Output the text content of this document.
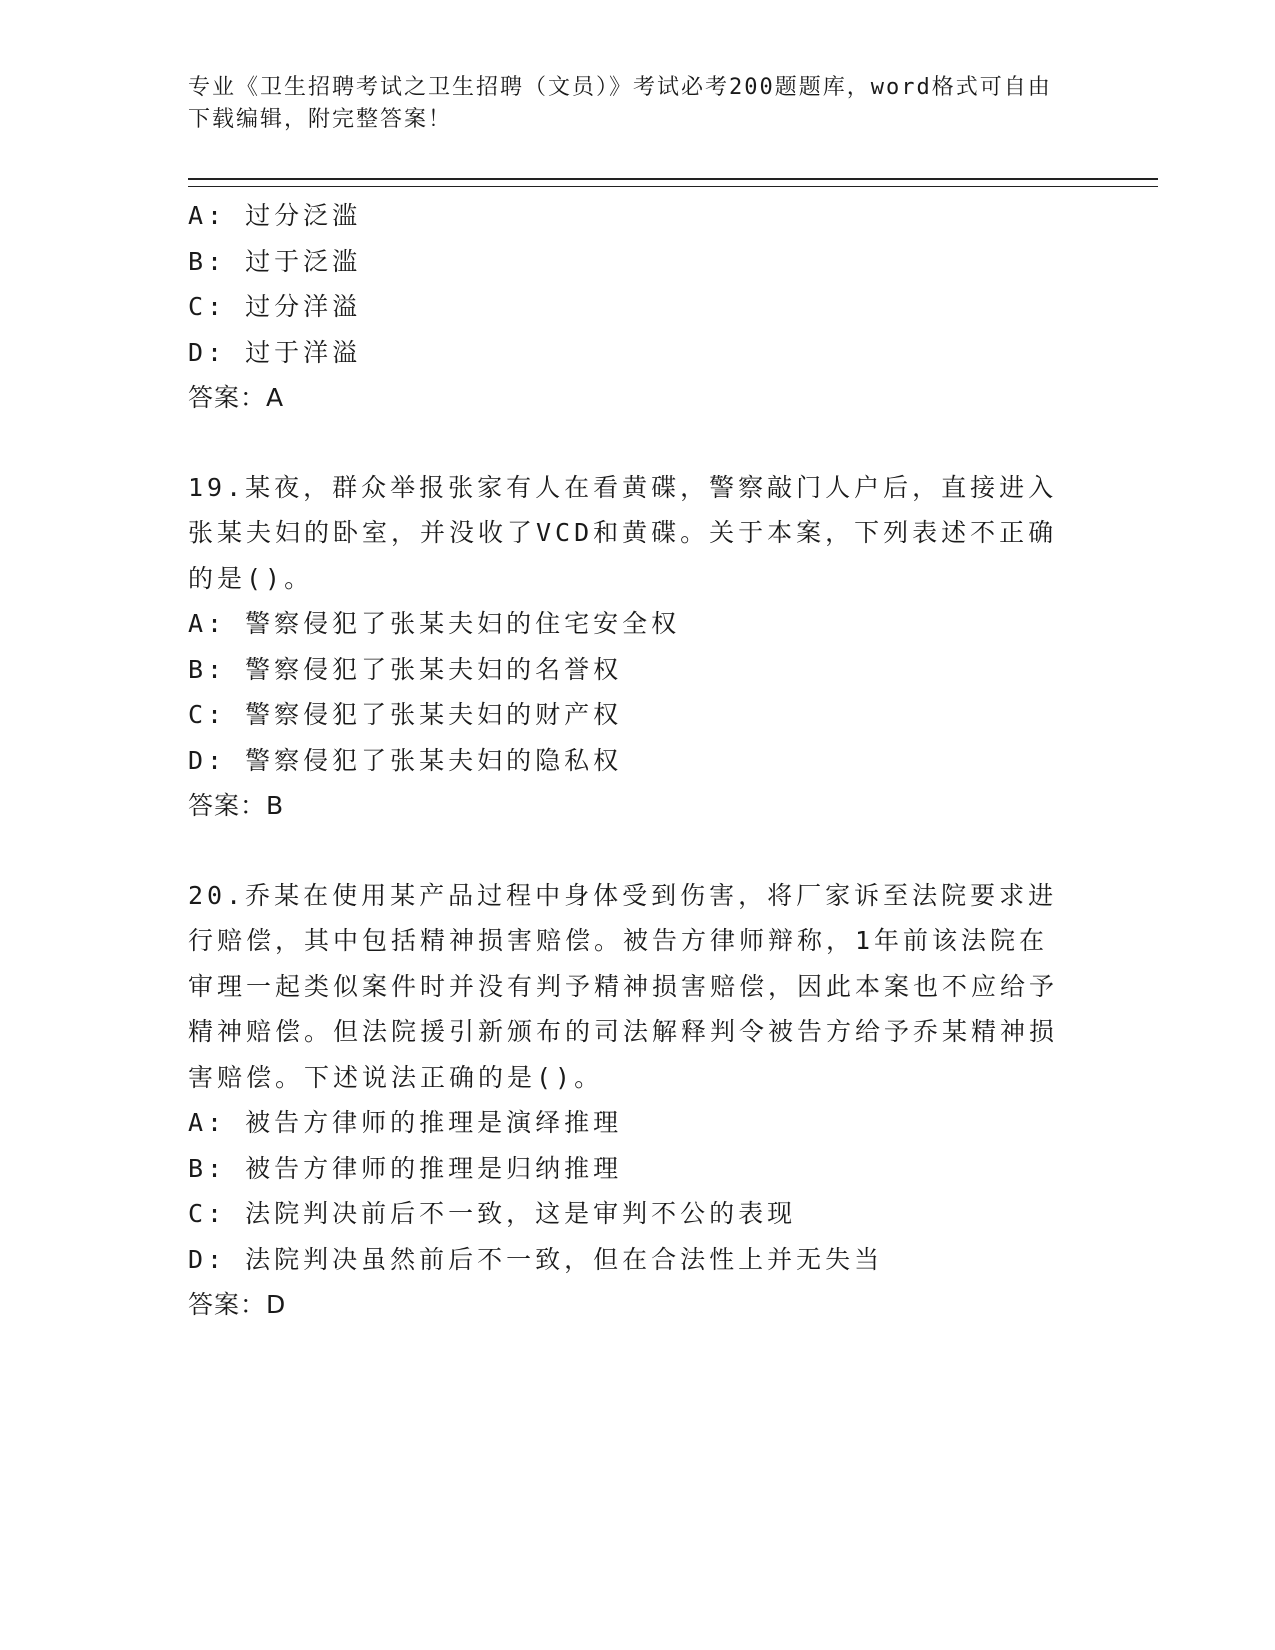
专业《卫生招聘考试之卫生招聘（文员）》考试必考200题题库，word格式可自由下载编辑，附完整答案！

A: 过分泛滥
B: 过于泛滥
C: 过分洋溢
D: 过于洋溢
答案：A

19.某夜，群众举报张家有人在看黄碟，警察敲门人户后，直接进入张某夫妇的卧室，并没收了VCD和黄碟。关于本案，下列表述不正确的是()。

A: 警察侵犯了张某夫妇的住宅安全权
B: 警察侵犯了张某夫妇的名誉权
C: 警察侵犯了张某夫妇的财产权
D: 警察侵犯了张某夫妇的隐私权
答案：B

20.乔某在使用某产品过程中身体受到伤害，将厂家诉至法院要求进行赔偿，其中包括精神损害赔偿。被告方律师辩称，1年前该法院在审理一起类似案件时并没有判予精神损害赔偿，因此本案也不应给予精神赔偿。但法院援引新颁布的司法解释判令被告方给予乔某精神损害赔偿。下述说法正确的是()。

A: 被告方律师的推理是演绎推理
B: 被告方律师的推理是归纳推理
C: 法院判决前后不一致，这是审判不公的表现
D: 法院判决虽然前后不一致，但在合法性上并无失当
答案：D
